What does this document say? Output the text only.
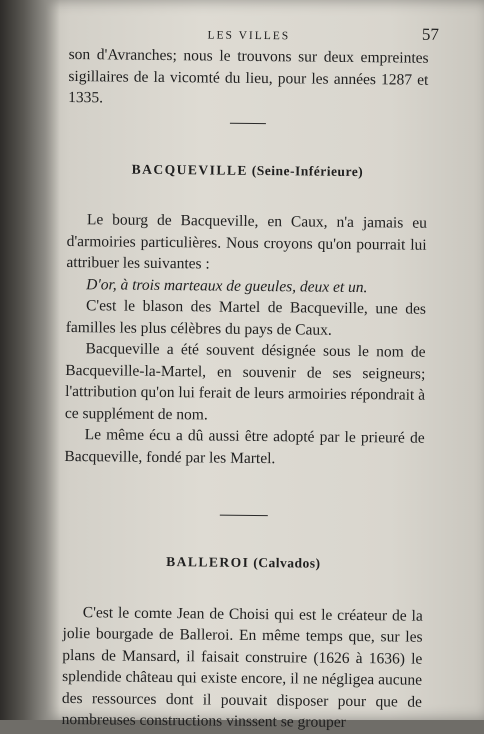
LES VILLES	57

son d'Avranches; nous le trouvons sur deux empreintes sigillaires de la vicomté du lieu, pour les années 1287 et 1335.

BACQUEVILLE (Seine-Inférieure)

Le bourg de Bacqueville, en Caux, n'a jamais eu d'armoiries particulières. Nous croyons qu'on pourrait lui attribuer les suivantes :

D'or, à trois marteaux de gueules, deux et un.

C'est le blason des Martel de Bacqueville, une des familles les plus célèbres du pays de Caux.

Bacqueville a été souvent désignée sous le nom de Bacqueville-la-Martel, en souvenir de ses seigneurs; l'attribution qu'on lui ferait de leurs armoiries répondrait à ce supplément de nom.

Le même écu a dû aussi être adopté par le prieuré de Bacqueville, fondé par les Martel.

BALLEROI (Calvados)

C'est le comte Jean de Choisi qui est le créateur de la jolie bourgade de Balleroi. En même temps que, sur les plans de Mansard, il faisait construire (1626 à 1636) le splendide château qui existe encore, il ne négligea aucune des ressources dont il pouvait disposer pour que de nombreuses constructions vinssent se grouper
